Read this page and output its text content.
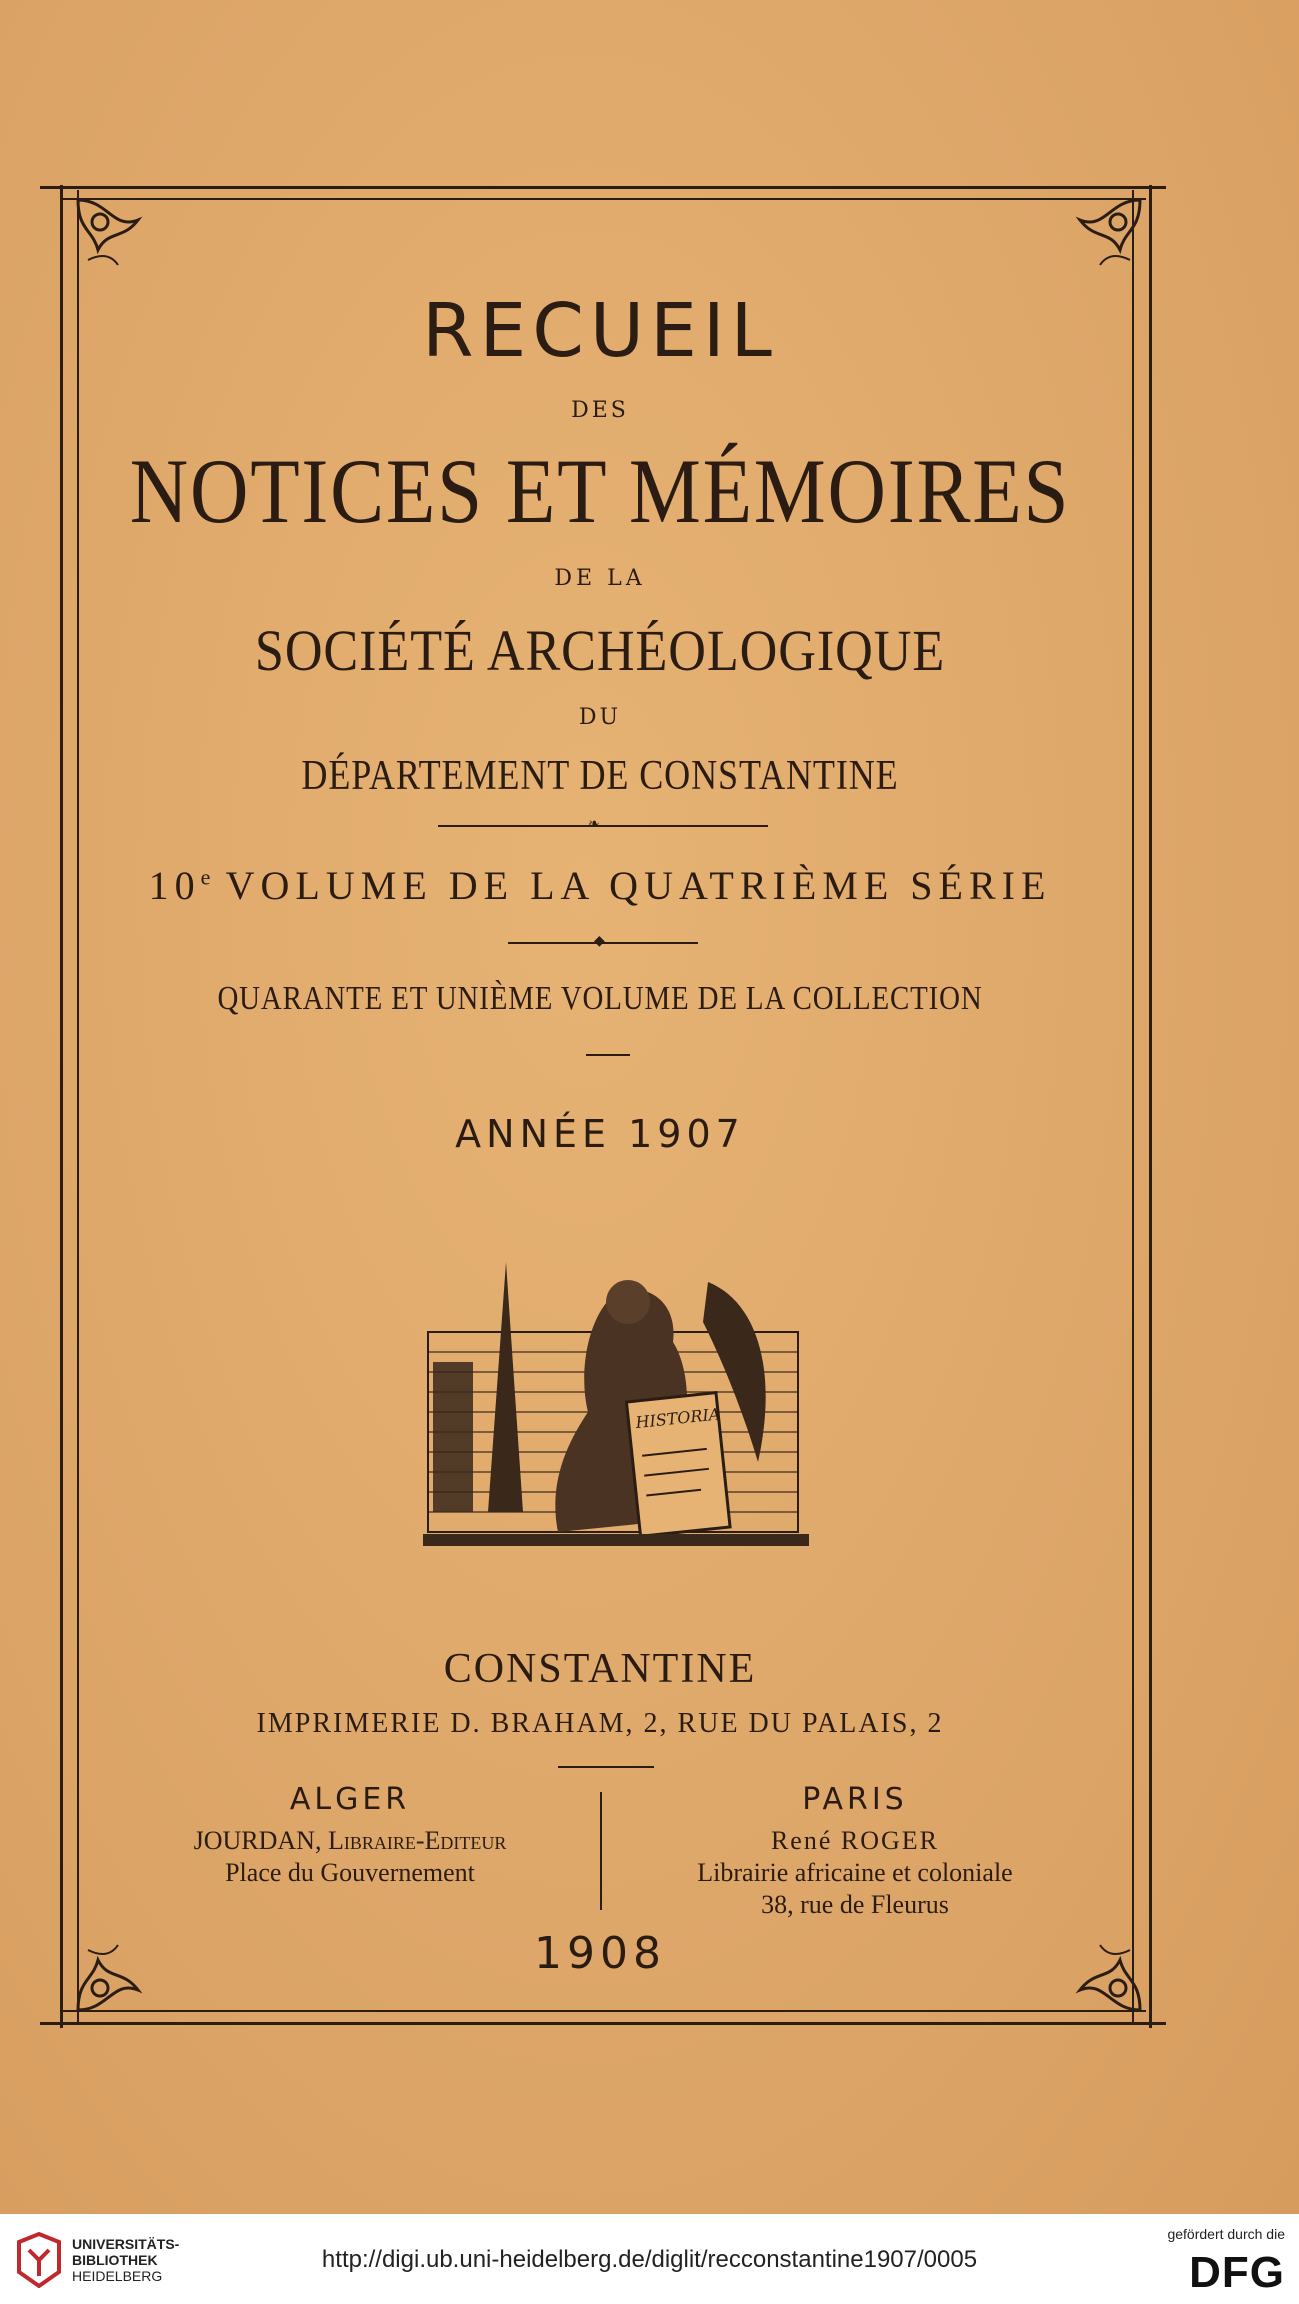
RECUEIL
DES
NOTICES ET MÉMOIRES
DE LA
SOCIÉTÉ ARCHÉOLOGIQUE
DU
DÉPARTEMENT DE CONSTANTINE
❧
10e VOLUME DE LA QUATRIÈME SÉRIE
◆
QUARANTE ET UNIÈME VOLUME DE LA COLLECTION
ANNÉE 1907
HISTORIA
CONSTANTINE
IMPRIMERIE D. BRAHAM, 2, RUE DU PALAIS, 2
ALGER
JOURDAN, Libraire-Editeur
Place du Gouvernement
PARIS
René ROGER
Librairie africaine et coloniale
38, rue de Fleurus
1908
UNIVERSITÄTS-
BIBLIOTHEK
HEIDELBERG
http://digi.ub.uni-heidelberg.de/diglit/recconstantine1907/0005
gefördert durch die
DFG
